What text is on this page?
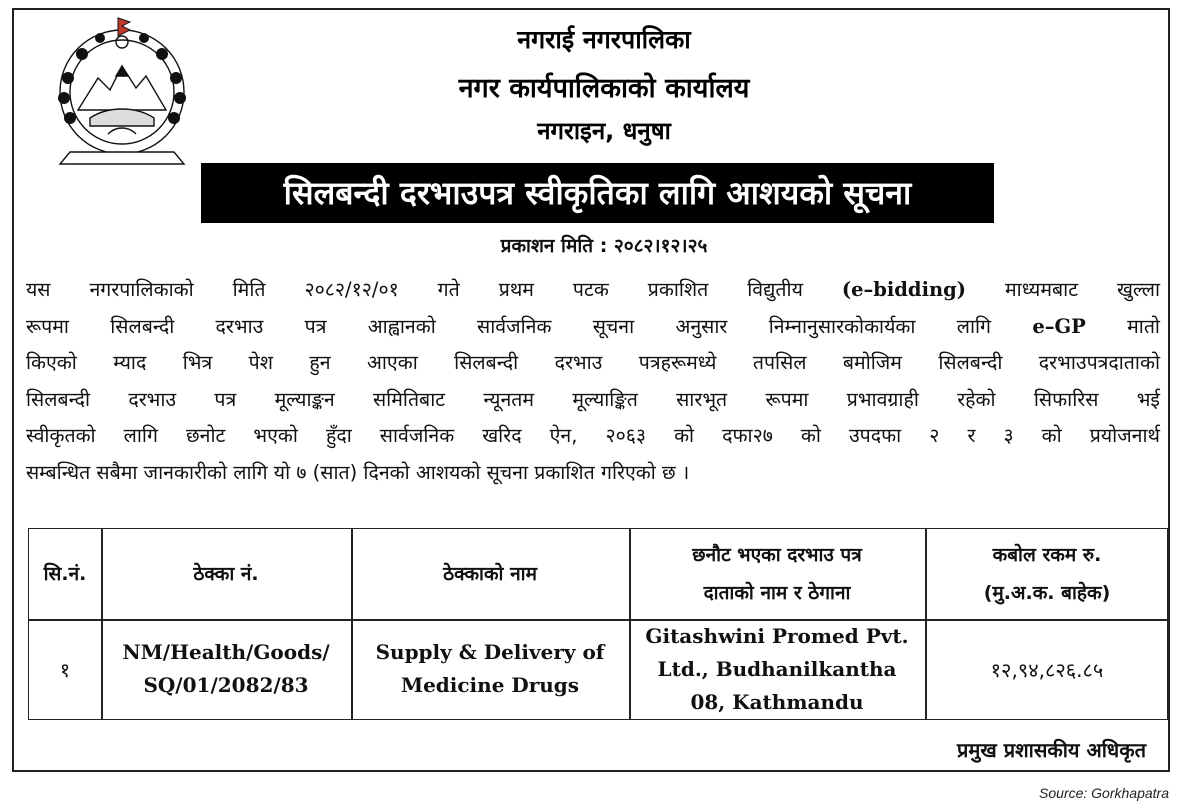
नगराई नगरपालिका
नगर कार्यपालिकाको कार्यालय
नगराइन, धनुषा
सिलबन्दी दरभाउपत्र स्वीकृतिका लागि आशयको सूचना
प्रकाशन मिति : २०८२।१२।२५
यस नगरपालिकाको मिति २०८२/१२/०१ गते प्रथम पटक प्रकाशित विद्युतीय (e–bidding) माध्यमबाट खुल्ला
रूपमा सिलबन्दी दरभाउ पत्र आह्वानको सार्वजनिक सूचना अनुसार निम्नानुसारकोकार्यका लागि e–GP मातो
किएको म्याद भित्र पेश हुन आएका सिलबन्दी दरभाउ पत्रहरूमध्ये तपसिल बमोजिम सिलबन्दी दरभाउपत्रदाताको
सिलबन्दी दरभाउ पत्र मूल्याङ्कन समितिबाट न्यूनतम मूल्याङ्कित सारभूत रूपमा प्रभावग्राही रहेको सिफारिस भई
स्वीकृतको लागि छनोट भएको हुँदा सार्वजनिक खरिद ऐन, २०६३ को दफा२७ को उपदफा २ र ३ को प्रयोजनार्थ
सम्बन्धित सबैमा जानकारीको लागि यो ७ (सात) दिनको आशयको सूचना प्रकाशित गरिएको छ ।
सि.नं.	ठेक्का नं.	ठेक्काको नाम
छनौट भएका दरभाउ पत्र
दाताको नाम र ठेगाना
कबोल रकम रु.
(मु.अ.क. बाहेक)
१
NM/Health/Goods/
SQ/01/2082/83
Supply & Delivery of
Medicine Drugs
Gitashwini Promed Pvt.
Ltd., Budhanilkantha
08, Kathmandu
१२,९४,८२६.८५
प्रमुख प्रशासकीय अधिकृत
Source: Gorkhapatra
